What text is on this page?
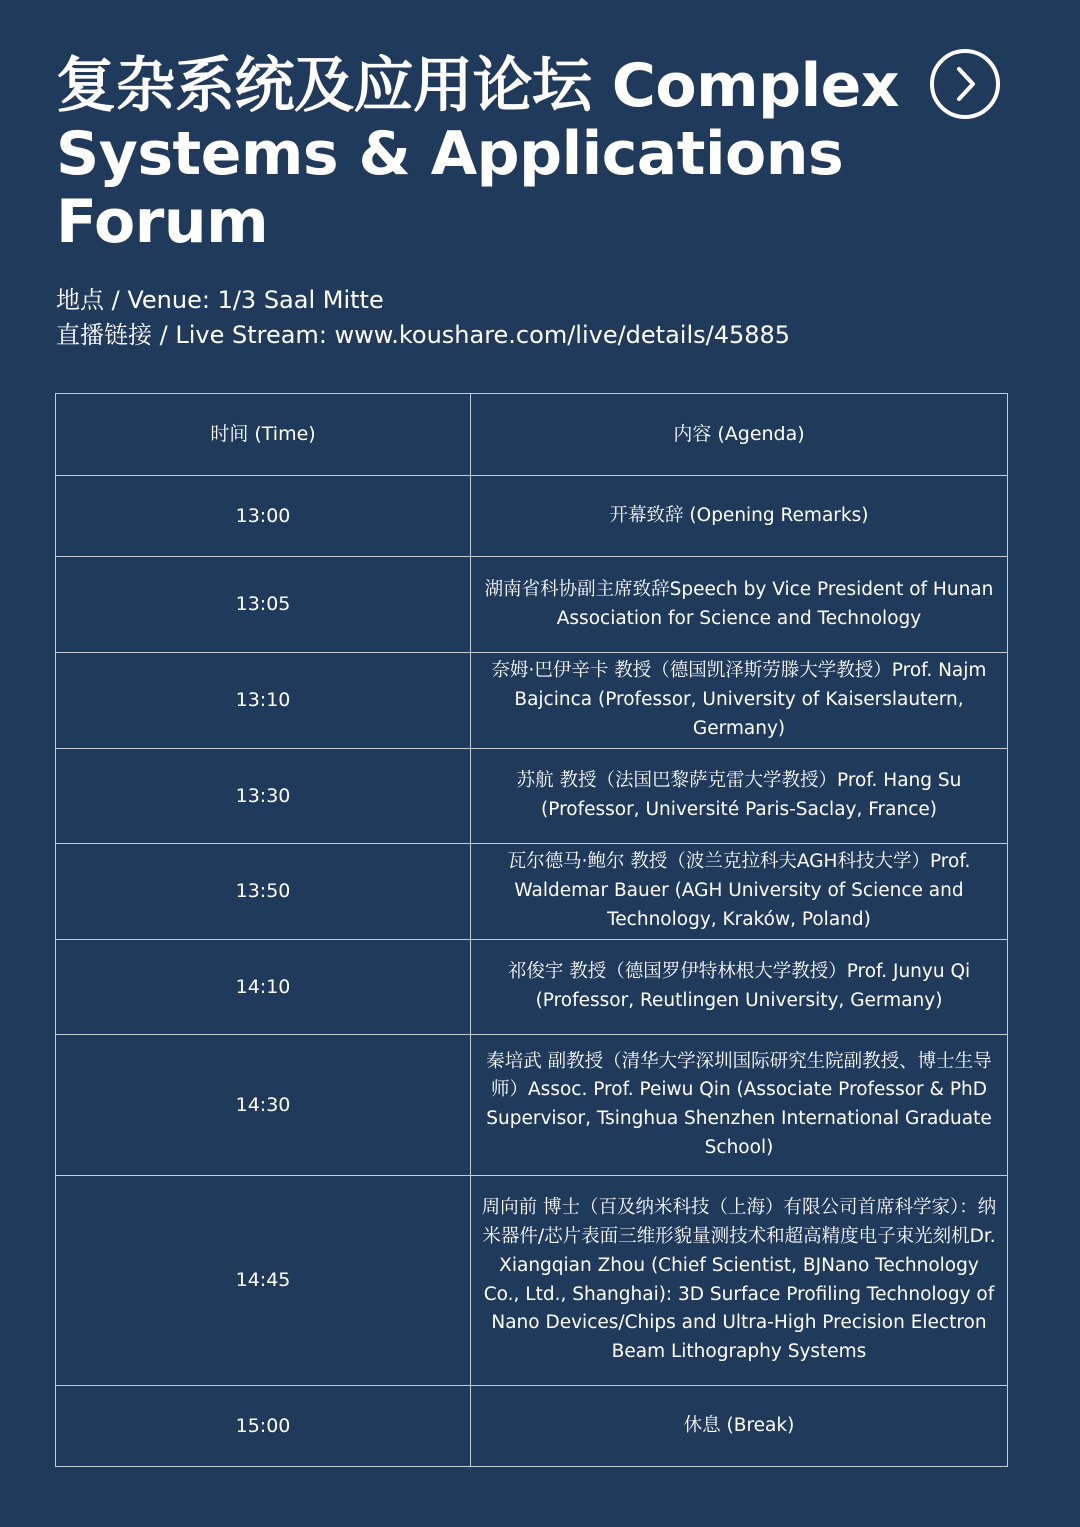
复杂系统及应用论坛 Complex Systems & Applications Forum
地点 / Venue: 1/3 Saal Mitte
直播链接 / Live Stream: www.koushare.com/live/details/45885
时间 (Time)	内容 (Agenda)
13:00	开幕致辞 (Opening Remarks)
13:05	湖南省科协副主席致辞Speech by Vice President of Hunan Association for Science and Technology
13:10	奈姆·巴伊辛卡 教授（德国凯泽斯劳滕大学教授）Prof. Najm Bajcinca (Professor, University of Kaiserslautern, Germany)
13:30	苏航 教授（法国巴黎萨克雷大学教授）Prof. Hang Su (Professor, Université Paris-Saclay, France)
13:50	瓦尔德马·鲍尔 教授（波兰克拉科夫AGH科技大学）Prof. Waldemar Bauer (AGH University of Science and Technology, Kraków, Poland)
14:10	祁俊宇 教授（德国罗伊特林根大学教授）Prof. Junyu Qi (Professor, Reutlingen University, Germany)
14:30	秦培武 副教授（清华大学深圳国际研究生院副教授、博士生导师）Assoc. Prof. Peiwu Qin (Associate Professor & PhD Supervisor, Tsinghua Shenzhen International Graduate School)
14:45	周向前 博士（百及纳米科技（上海）有限公司首席科学家）：纳米器件/芯片表面三维形貌量测技术和超高精度电子束光刻机Dr. Xiangqian Zhou (Chief Scientist, BJNano Technology Co., Ltd., Shanghai): 3D Surface Profiling Technology of Nano Devices/Chips and Ultra-High Precision Electron Beam Lithography Systems
15:00	休息 (Break)
